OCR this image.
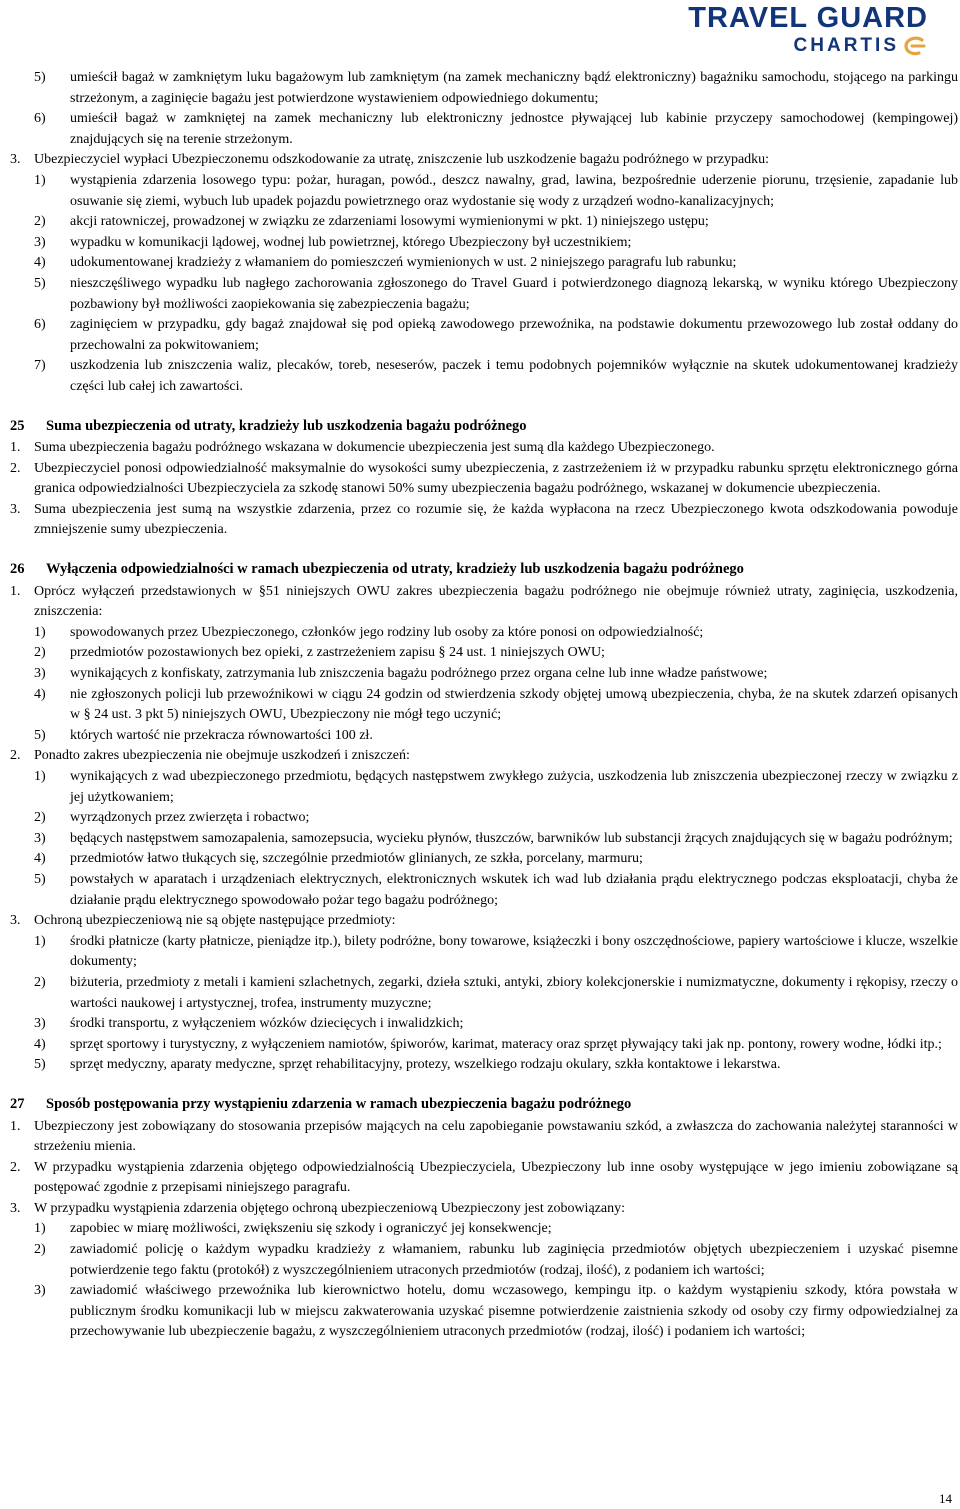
TRAVEL GUARD
CHARTIS
5) umieścił bagaż w zamkniętym luku bagażowym lub zamkniętym (na zamek mechaniczny bądź elektroniczny) bagażniku samochodu, stojącego na parkingu strzeżonym, a zaginięcie bagażu jest potwierdzone wystawieniem odpowiedniego dokumentu;
6) umieścił bagaż w zamkniętej na zamek mechaniczny lub elektroniczny jednostce pływającej lub kabinie przyczepy samochodowej (kempingowej) znajdujących się na terenie strzeżonym.
3. Ubezpieczyciel wypłaci Ubezpieczonemu odszkodowanie za utratę, zniszczenie lub uszkodzenie bagażu podróżnego w przypadku:
1) wystąpienia zdarzenia losowego typu: pożar, huragan, powód., deszcz nawalny, grad, lawina, bezpośrednie uderzenie piorunu, trzęsienie, zapadanie lub osuwanie się ziemi, wybuch lub upadek pojazdu powietrznego oraz wydostanie się wody z urządzeń wodno-kanalizacyjnych;
2) akcji ratowniczej, prowadzonej w związku ze zdarzeniami losowymi wymienionymi w pkt. 1) niniejszego ustępu;
3) wypadku w komunikacji lądowej, wodnej lub powietrznej, którego Ubezpieczony był uczestnikiem;
4) udokumentowanej kradzieży z włamaniem do pomieszczeń wymienionych w ust. 2 niniejszego paragrafu lub rabunku;
5) nieszczęśliwego wypadku lub nagłego zachorowania zgłoszonego do Travel Guard i potwierdzonego diagnozą lekarską, w wyniku którego Ubezpieczony pozbawiony był możliwości zaopiekowania się zabezpieczenia bagażu;
6) zaginięciem w przypadku, gdy bagaż znajdował się pod opieką zawodowego przewoźnika, na podstawie dokumentu przewozowego lub został oddany do przechowalni za pokwitowaniem;
7) uszkodzenia lub zniszczenia waliz, plecaków, toreb, neseserów, paczek i temu podobnych pojemników wyłącznie na skutek udokumentowanej kradzieży części lub całej ich zawartości.
25 Suma ubezpieczenia od utraty, kradzieży lub uszkodzenia bagażu podróżnego
1. Suma ubezpieczenia bagażu podróżnego wskazana w dokumencie ubezpieczenia jest sumą dla każdego Ubezpieczonego.
2. Ubezpieczyciel ponosi odpowiedzialność maksymalnie do wysokości sumy ubezpieczenia, z zastrzeżeniem iż w przypadku rabunku sprzętu elektronicznego górna granica odpowiedzialności Ubezpieczyciela za szkodę stanowi 50% sumy ubezpieczenia bagażu podróżnego, wskazanej w dokumencie ubezpieczenia.
3. Suma ubezpieczenia jest sumą na wszystkie zdarzenia, przez co rozumie się, że każda wypłacona na rzecz Ubezpieczonego kwota odszkodowania powoduje zmniejszenie sumy ubezpieczenia.
26 Wyłączenia odpowiedzialności w ramach ubezpieczenia od utraty, kradzieży lub uszkodzenia bagażu podróżnego
1. Oprócz wyłączeń przedstawionych w §51 niniejszych OWU zakres ubezpieczenia bagażu podróżnego nie obejmuje również utraty, zaginięcia, uszkodzenia, zniszczenia:
1) spowodowanych przez Ubezpieczonego, członków jego rodziny lub osoby za które ponosi on odpowiedzialność;
2) przedmiotów pozostawionych bez opieki, z zastrzeżeniem zapisu § 24 ust. 1 niniejszych OWU;
3) wynikających z konfiskaty, zatrzymania lub zniszczenia bagażu podróżnego przez organa celne lub inne władze państwowe;
4) nie zgłoszonych policji lub przewoźnikowi w ciągu 24 godzin od stwierdzenia szkody objętej umową ubezpieczenia, chyba, że na skutek zdarzeń opisanych w § 24 ust. 3 pkt 5) niniejszych OWU, Ubezpieczony nie mógł tego uczynić;
5) których wartość nie przekracza równowartości 100 zł.
2. Ponadto zakres ubezpieczenia nie obejmuje uszkodzeń i zniszczeń:
1) wynikających z wad ubezpieczonego przedmiotu, będących następstwem zwykłego zużycia, uszkodzenia lub zniszczenia ubezpieczonej rzeczy w związku z jej użytkowaniem;
2) wyrządzonych przez zwierzęta i robactwo;
3) będących następstwem samozapalenia, samozepsucia, wycieku płynów, tłuszczów, barwników lub substancji żrących znajdujących się w bagażu podróżnym;
4) przedmiotów łatwo tłukących się, szczególnie przedmiotów glinianych, ze szkła, porcelany, marmuru;
5) powstałych w aparatach i urządzeniach elektrycznych, elektronicznych wskutek ich wad lub działania prądu elektrycznego podczas eksploatacji, chyba że działanie prądu elektrycznego spowodowało pożar tego bagażu podróżnego;
3. Ochroną ubezpieczeniową nie są objęte następujące przedmioty:
1) środki płatnicze (karty płatnicze, pieniądze itp.), bilety podróżne, bony towarowe, książeczki i bony oszczędnościowe, papiery wartościowe i klucze, wszelkie dokumenty;
2) biżuteria, przedmioty z metali i kamieni szlachetnych, zegarki, dzieła sztuki, antyki, zbiory kolekcjonerskie i numizmatyczne, dokumenty i rękopisy, rzeczy o wartości naukowej i artystycznej, trofea, instrumenty muzyczne;
3) środki transportu, z wyłączeniem wózków dziecięcych i inwalidzkich;
4) sprzęt sportowy i turystyczny, z wyłączeniem namiotów, śpiworów, karimat, materacy oraz sprzęt pływający taki jak np. pontony, rowery wodne, łódki itp.;
5) sprzęt medyczny, aparaty medyczne, sprzęt rehabilitacyjny, protezy, wszelkiego rodzaju okulary, szkła kontaktowe i lekarstwa.
27 Sposób postępowania przy wystąpieniu zdarzenia w ramach ubezpieczenia bagażu podróżnego
1. Ubezpieczony jest zobowiązany do stosowania przepisów mających na celu zapobieganie powstawaniu szkód, a zwłaszcza do zachowania należytej staranności w strzeżeniu mienia.
2. W przypadku wystąpienia zdarzenia objętego odpowiedzialnością Ubezpieczyciela, Ubezpieczony lub inne osoby występujące w jego imieniu zobowiązane są postępować zgodnie z przepisami niniejszego paragrafu.
3. W przypadku wystąpienia zdarzenia objętego ochroną ubezpieczeniową Ubezpieczony jest zobowiązany:
1) zapobiec w miarę możliwości, zwiększeniu się szkody i ograniczyć jej konsekwencje;
2) zawiadomić policję o każdym wypadku kradzieży z włamaniem, rabunku lub zaginięcia przedmiotów objętych ubezpieczeniem i uzyskać pisemne potwierdzenie tego faktu (protokół) z wyszczególnieniem utraconych przedmiotów (rodzaj, ilość), z podaniem ich wartości;
3) zawiadomić właściwego przewoźnika lub kierownictwo hotelu, domu wczasowego, kempingu itp. o każdym wystąpieniu szkody, która powstała w publicznym środku komunikacji lub w miejscu zakwaterowania uzyskać pisemne potwierdzenie zaistnienia szkody od osoby czy firmy odpowiedzialnej za przechowywanie lub ubezpieczenie bagażu, z wyszczególnieniem utraconych przedmiotów (rodzaj, ilość) i podaniem ich wartości;
14
